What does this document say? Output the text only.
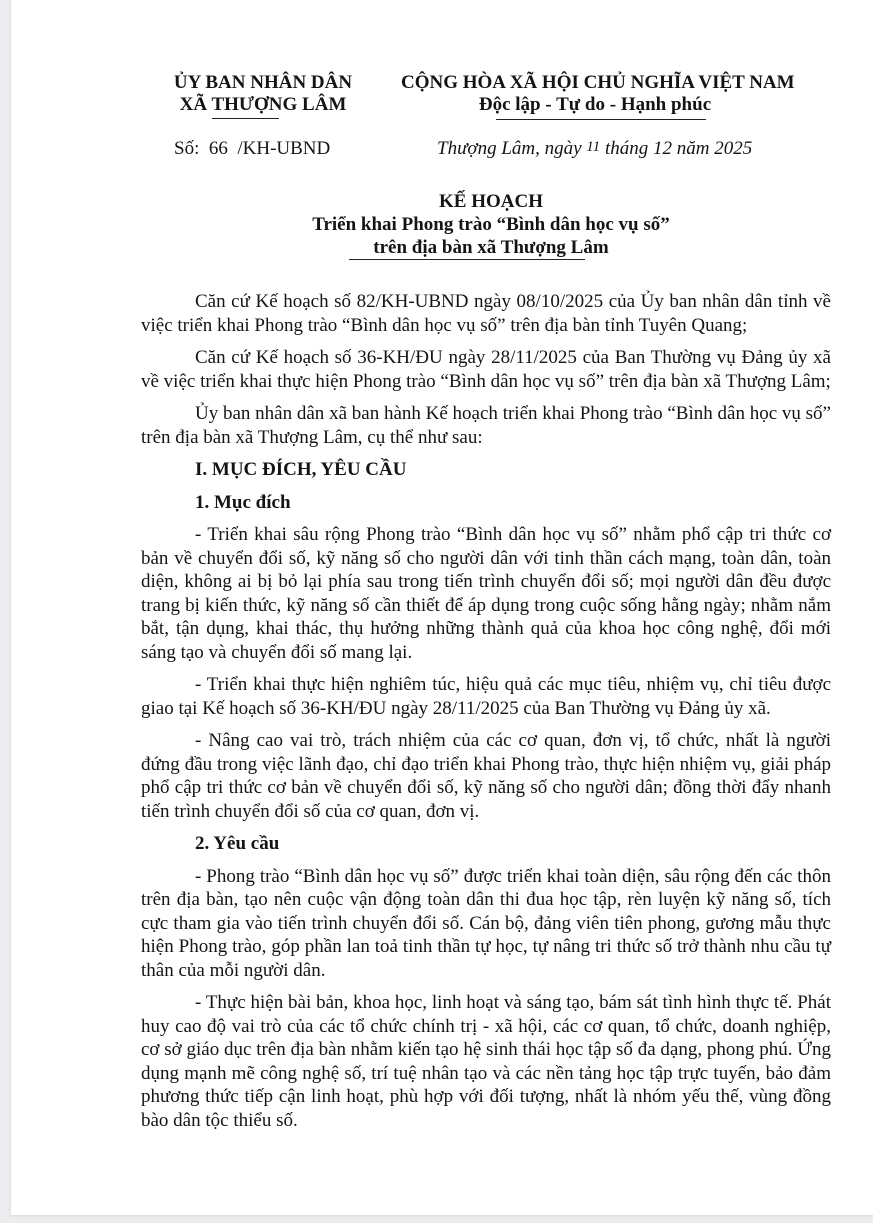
ỦY BAN NHÂN DÂN
XÃ THƯỢNG LÂM
CỘNG HÒA XÃ HỘI CHỦ NGHĨA VIỆT NAM
Độc lập - Tự do - Hạnh phúc
Số: 66 /KH-UBND	Thượng Lâm, ngày 11 tháng 12 năm 2025
KẾ HOẠCH
Triển khai Phong trào “Bình dân học vụ số”
trên địa bàn xã Thượng Lâm

Căn cứ Kế hoạch số 82/KH-UBND ngày 08/10/2025 của Ủy ban nhân dân tỉnh về việc triển khai Phong trào “Bình dân học vụ số” trên địa bàn tỉnh Tuyên Quang;

Căn cứ Kế hoạch số 36-KH/ĐU ngày 28/11/2025 của Ban Thường vụ Đảng ủy xã về việc triển khai thực hiện Phong trào “Bình dân học vụ số” trên địa bàn xã Thượng Lâm;

Ủy ban nhân dân xã ban hành Kế hoạch triển khai Phong trào “Bình dân học vụ số” trên địa bàn xã Thượng Lâm, cụ thể như sau:

I. MỤC ĐÍCH, YÊU CẦU

1. Mục đích

- Triển khai sâu rộng Phong trào “Bình dân học vụ số” nhằm phổ cập tri thức cơ bản về chuyển đổi số, kỹ năng số cho người dân với tinh thần cách mạng, toàn dân, toàn diện, không ai bị bỏ lại phía sau trong tiến trình chuyển đổi số; mọi người dân đều được trang bị kiến thức, kỹ năng số cần thiết để áp dụng trong cuộc sống hằng ngày; nhằm nắm bắt, tận dụng, khai thác, thụ hưởng những thành quả của khoa học công nghệ, đổi mới sáng tạo và chuyển đổi số mang lại.

- Triển khai thực hiện nghiêm túc, hiệu quả các mục tiêu, nhiệm vụ, chỉ tiêu được giao tại Kế hoạch số 36-KH/ĐU ngày 28/11/2025 của Ban Thường vụ Đảng ủy xã.

- Nâng cao vai trò, trách nhiệm của các cơ quan, đơn vị, tổ chức, nhất là người đứng đầu trong việc lãnh đạo, chỉ đạo triển khai Phong trào, thực hiện nhiệm vụ, giải pháp phổ cập tri thức cơ bản về chuyển đổi số, kỹ năng số cho người dân; đồng thời đẩy nhanh tiến trình chuyển đổi số của cơ quan, đơn vị.

2. Yêu cầu

- Phong trào “Bình dân học vụ số” được triển khai toàn diện, sâu rộng đến các thôn trên địa bàn, tạo nên cuộc vận động toàn dân thi đua học tập, rèn luyện kỹ năng số, tích cực tham gia vào tiến trình chuyển đổi số. Cán bộ, đảng viên tiên phong, gương mẫu thực hiện Phong trào, góp phần lan toả tinh thần tự học, tự nâng tri thức số trở thành nhu cầu tự thân của mỗi người dân.

- Thực hiện bài bản, khoa học, linh hoạt và sáng tạo, bám sát tình hình thực tế. Phát huy cao độ vai trò của các tổ chức chính trị - xã hội, các cơ quan, tổ chức, doanh nghiệp, cơ sở giáo dục trên địa bàn nhằm kiến tạo hệ sinh thái học tập số đa dạng, phong phú. Ứng dụng mạnh mẽ công nghệ số, trí tuệ nhân tạo và các nền tảng học tập trực tuyến, bảo đảm phương thức tiếp cận linh hoạt, phù hợp với đối tượng, nhất là nhóm yếu thế, vùng đồng bào dân tộc thiểu số.
